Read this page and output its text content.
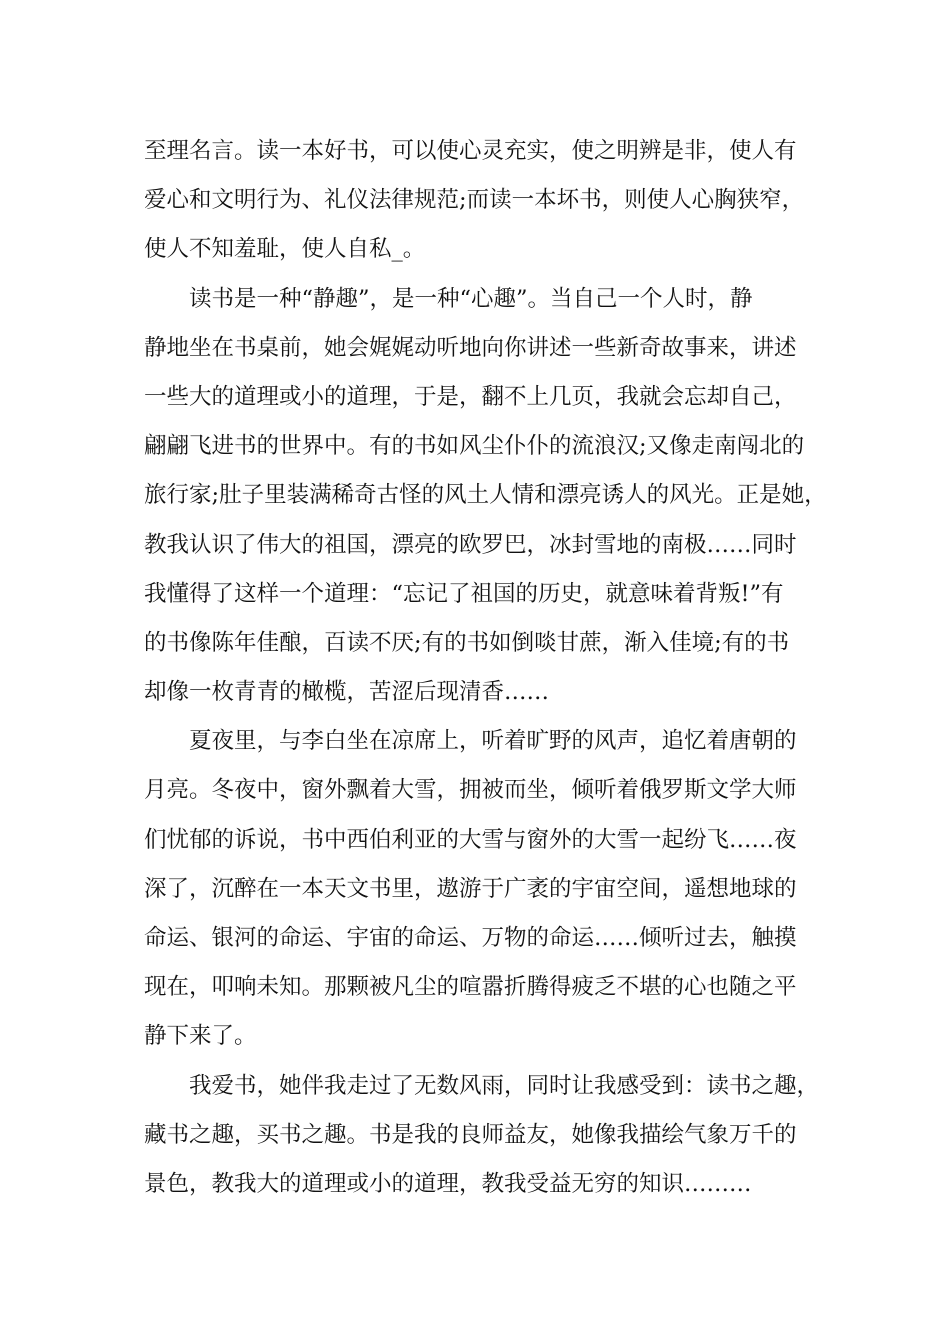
至理名言。读一本好书，可以使心灵充实，使之明辨是非，使人有
爱心和文明行为、礼仪法律规范;而读一本坏书，则使人心胸狭窄，
使人不知羞耻，使人自私_。
读书是一种“静趣”，是一种“心趣”。当自己一个人时，静
静地坐在书桌前，她会娓娓动听地向你讲述一些新奇故事来，讲述
一些大的道理或小的道理，于是，翻不上几页，我就会忘却自己，
翩翩飞进书的世界中。有的书如风尘仆仆的流浪汉;又像走南闯北的
旅行家;肚子里装满稀奇古怪的风土人情和漂亮诱人的风光。正是她，
教我认识了伟大的祖国，漂亮的欧罗巴，冰封雪地的南极……同时
我懂得了这样一个道理：“忘记了祖国的历史，就意味着背叛!”有
的书像陈年佳酿，百读不厌;有的书如倒啖甘蔗，渐入佳境;有的书
却像一枚青青的橄榄，苦涩后现清香……
夏夜里，与李白坐在凉席上，听着旷野的风声，追忆着唐朝的
月亮。冬夜中，窗外飘着大雪，拥被而坐，倾听着俄罗斯文学大师
们忧郁的诉说，书中西伯利亚的大雪与窗外的大雪一起纷飞……夜
深了，沉醉在一本天文书里，遨游于广袤的宇宙空间，遥想地球的
命运、银河的命运、宇宙的命运、万物的命运……倾听过去，触摸
现在，叩响未知。那颗被凡尘的喧嚣折腾得疲乏不堪的心也随之平
静下来了。
我爱书，她伴我走过了无数风雨，同时让我感受到：读书之趣，
藏书之趣，买书之趣。书是我的良师益友，她像我描绘气象万千的
景色，教我大的道理或小的道理，教我受益无穷的知识………
